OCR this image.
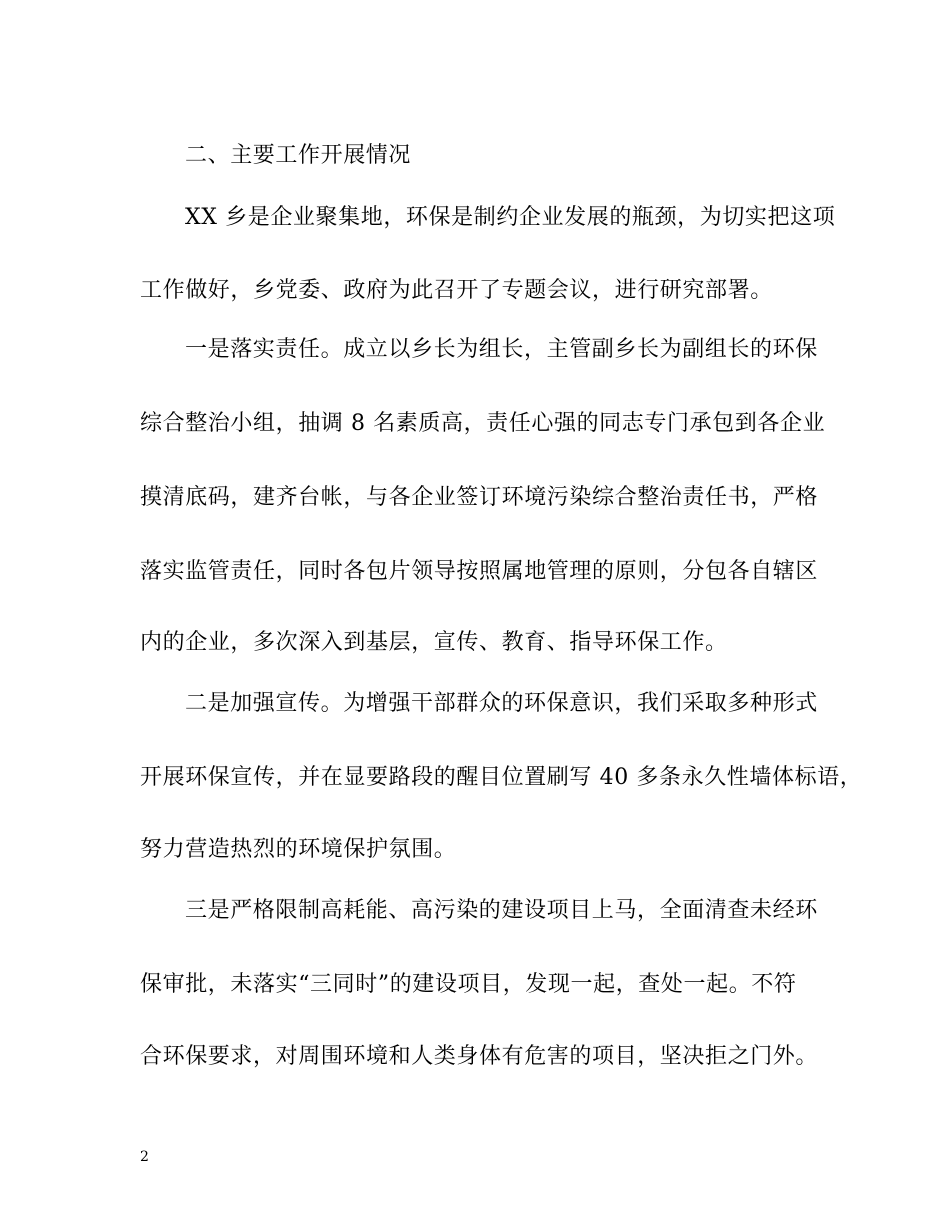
二、主要工作开展情况
XX 乡是企业聚集地，环保是制约企业发展的瓶颈，为切实把这项
工作做好，乡党委、政府为此召开了专题会议，进行研究部署。
一是落实责任。成立以乡长为组长，主管副乡长为副组长的环保
综合整治小组，抽调 8 名素质高，责任心强的同志专门承包到各企业
摸清底码，建齐台帐，与各企业签订环境污染综合整治责任书，严格
落实监管责任，同时各包片领导按照属地管理的原则，分包各自辖区
内的企业，多次深入到基层，宣传、教育、指导环保工作。
二是加强宣传。为增强干部群众的环保意识，我们采取多种形式
开展环保宣传，并在显要路段的醒目位置刷写 40 多条永久性墙体标语，
努力营造热烈的环境保护氛围。
三是严格限制高耗能、高污染的建设项目上马，全面清查未经环
保审批，未落实“三同时”的建设项目，发现一起，查处一起。不符
合环保要求，对周围环境和人类身体有危害的项目，坚决拒之门外。
2
